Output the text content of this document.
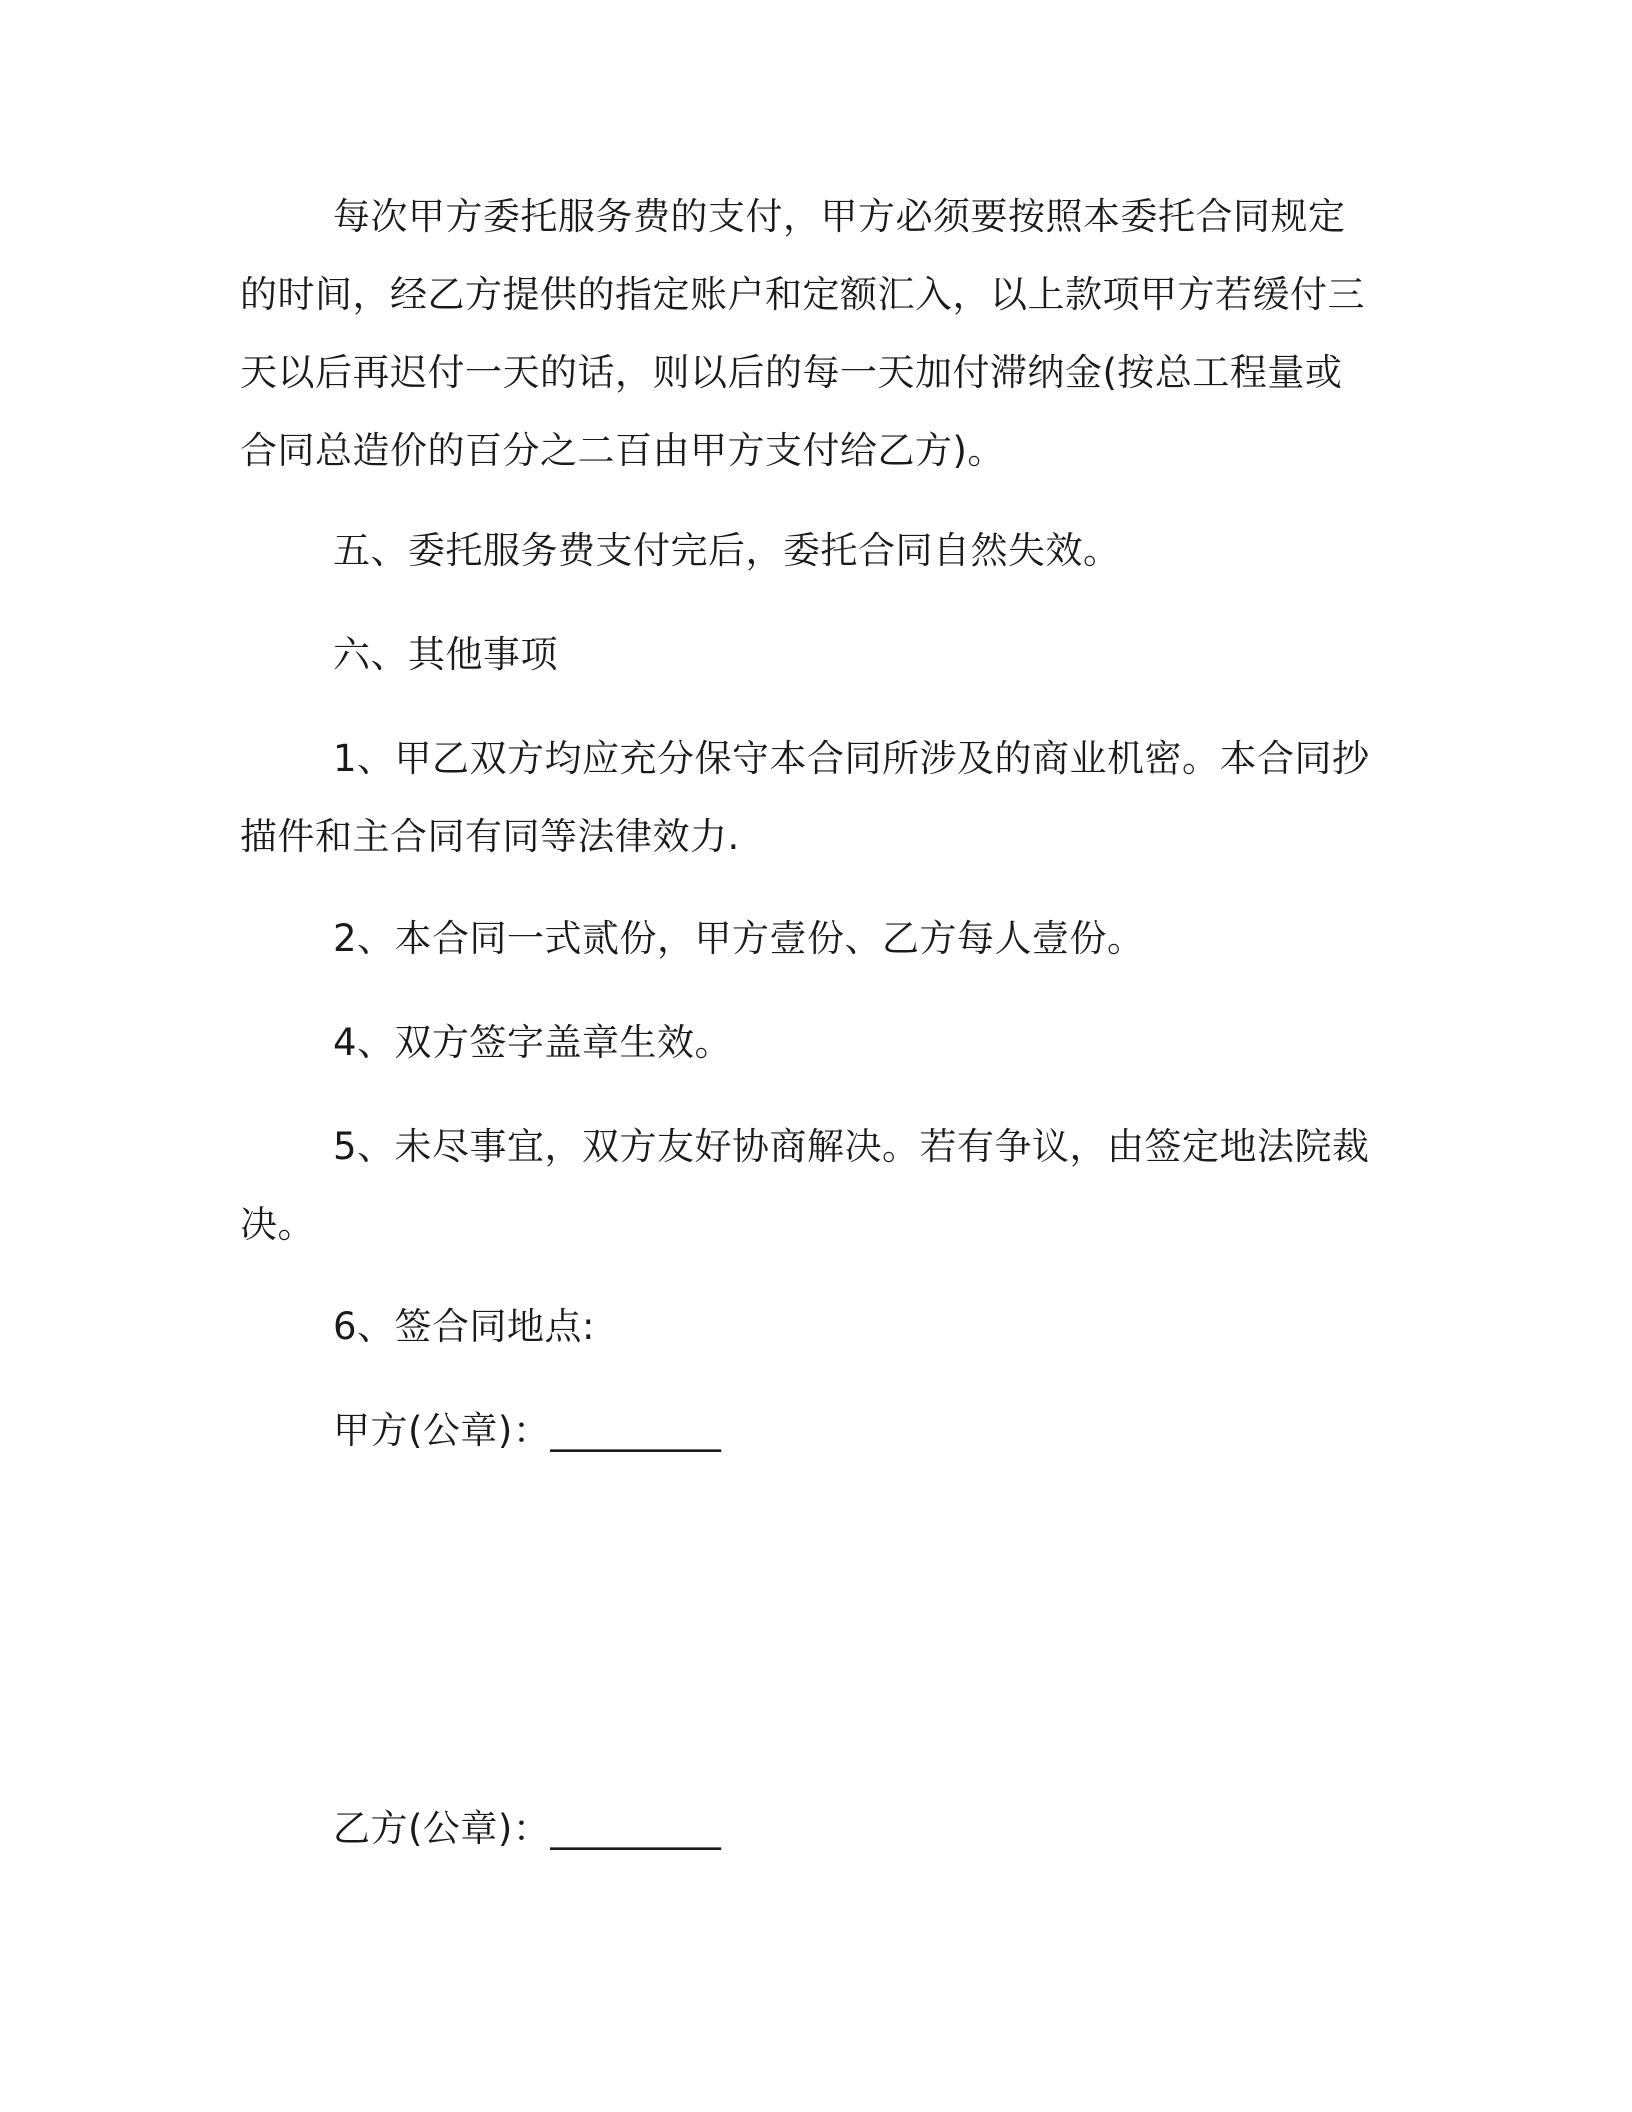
每次甲方委托服务费的支付，甲方必须要按照本委托合同规定的时间，经乙方提供的指定账户和定额汇入，以上款项甲方若缓付三天以后再迟付一天的话，则以后的每一天加付滞纳金(按总工程量或合同总造价的百分之二百由甲方支付给乙方)。

五、委托服务费支付完后，委托合同自然失效。

六、其他事项

1、甲乙双方均应充分保守本合同所涉及的商业机密。本合同抄描件和主合同有同等法律效力.

2、本合同一式贰份，甲方壹份、乙方每人壹份。

4、双方签字盖章生效。

5、未尽事宜，双方友好协商解决。若有争议，由签定地法院裁决。

6、签合同地点:

甲方(公章)：_________

乙方(公章)：_________
